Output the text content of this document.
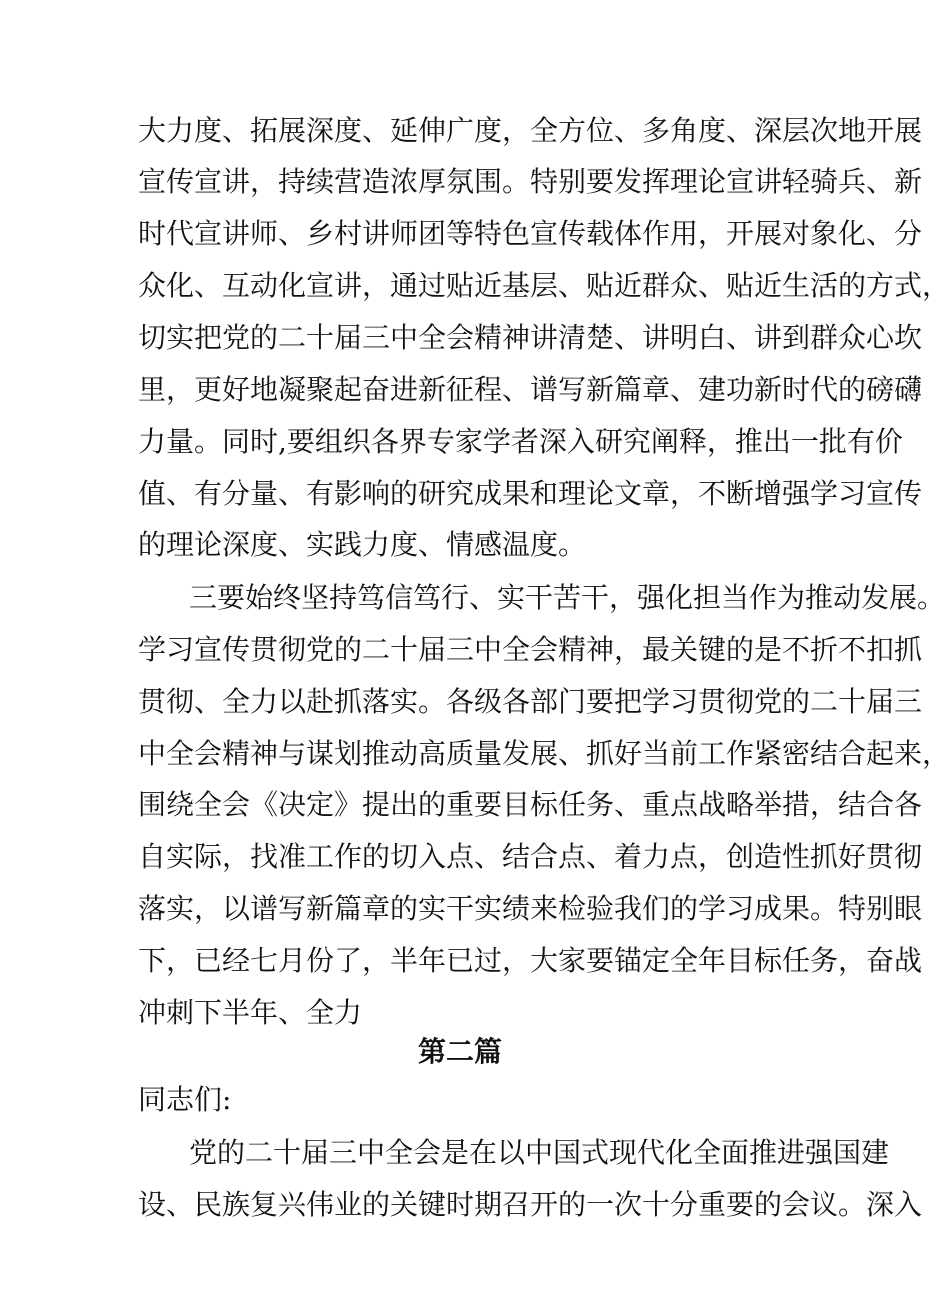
大力度、拓展深度、延伸广度，全方位、多角度、深层次地开展
宣传宣讲，持续营造浓厚氛围。特别要发挥理论宣讲轻骑兵、新
时代宣讲师、乡村讲师团等特色宣传载体作用，开展对象化、分
众化、互动化宣讲，通过贴近基层、贴近群众、贴近生活的方式，
切实把党的二十届三中全会精神讲清楚、讲明白、讲到群众心坎
里，更好地凝聚起奋进新征程、谱写新篇章、建功新时代的磅礴
力量。同时,要组织各界专家学者深入研究阐释，推出一批有价
值、有分量、有影响的研究成果和理论文章，不断增强学习宣传
的理论深度、实践力度、情感温度。
三要始终坚持笃信笃行、实干苦干，强化担当作为推动发展。
学习宣传贯彻党的二十届三中全会精神，最关键的是不折不扣抓
贯彻、全力以赴抓落实。各级各部门要把学习贯彻党的二十届三
中全会精神与谋划推动高质量发展、抓好当前工作紧密结合起来，
围绕全会《决定》提出的重要目标任务、重点战略举措，结合各
自实际，找准工作的切入点、结合点、着力点，创造性抓好贯彻
落实，以谱写新篇章的实干实绩来检验我们的学习成果。特别眼
下，已经七月份了，半年已过，大家要锚定全年目标任务，奋战
冲刺下半年、全力
第二篇
同志们:
党的二十届三中全会是在以中国式现代化全面推进强国建
设、民族复兴伟业的关键时期召开的一次十分重要的会议。深入
